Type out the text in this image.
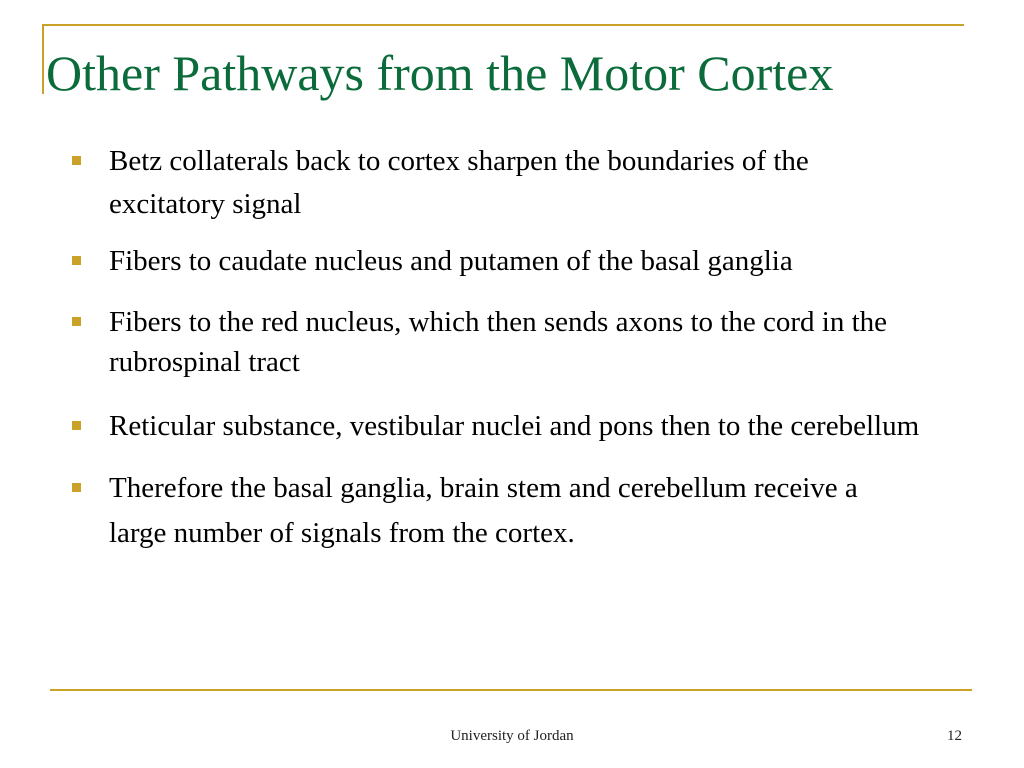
Other Pathways from the Motor Cortex
Betz collaterals back to cortex sharpen the boundaries of the excitatory signal
Fibers to caudate nucleus and putamen of the basal ganglia
Fibers to the red nucleus, which then sends axons to the cord in the rubrospinal tract
Reticular substance, vestibular nuclei and pons then to the cerebellum
Therefore the basal ganglia, brain stem and cerebellum receive a large number of signals from the cortex.
University of Jordan	12
